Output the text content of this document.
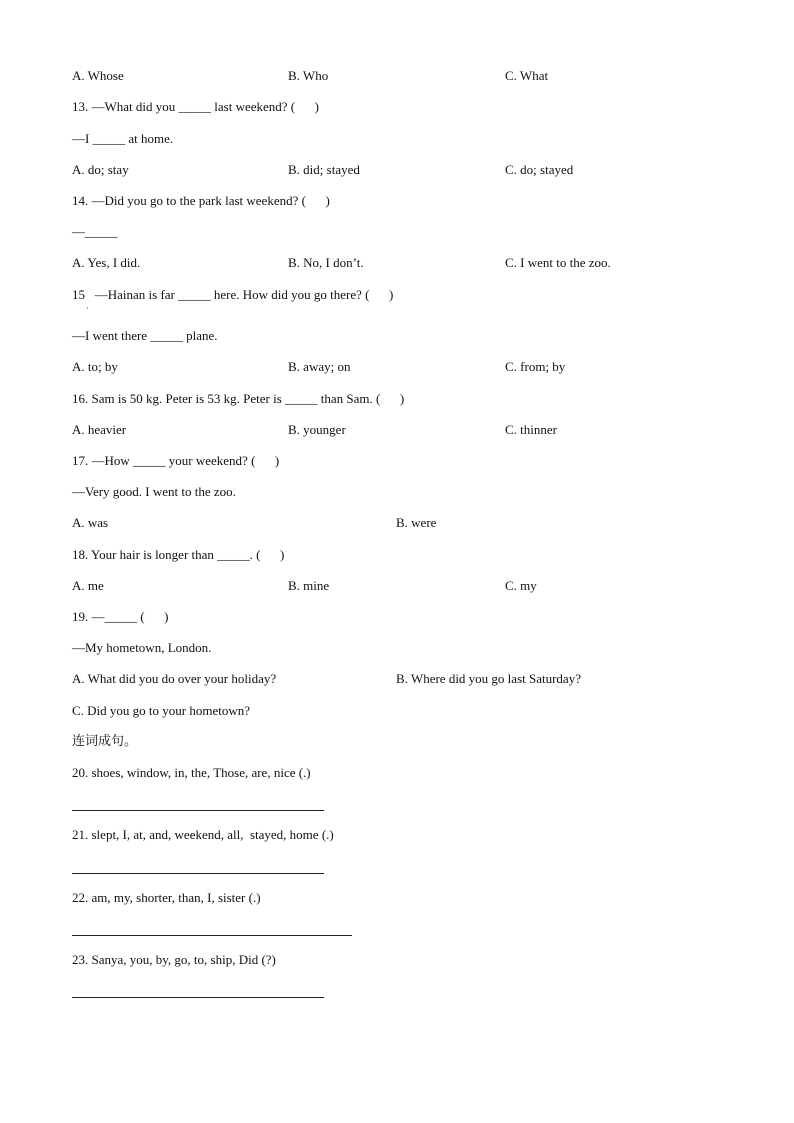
A. Whose	B. Who	C. What
13. —What did you _____ last weekend? (      )
—I _____ at home.
A. do; stay	B. did; stayed	C. do; stayed
14. —Did you go to the park last weekend? (      )
—_____
A. Yes, I did.	B. No, I don’t.	C. I went to the zoo.
15   —Hainan is far _____ here. How did you go there? (      )
·
—I went there _____ plane.
A. to; by	B. away; on	C. from; by
16. Sam is 50 kg. Peter is 53 kg. Peter is _____ than Sam. (      )
A. heavier	B. younger	C. thinner
17. —How _____ your weekend? (      )
—Very good. I went to the zoo.
A. was	B. were
18. Your hair is longer than _____. (      )
A. me	B. mine	C. my
19. —_____ (      )
—My hometown, London.
A. What did you do over your holiday?	B. Where did you go last Saturday?
C. Did you go to your hometown?
连词成句。
20. shoes, window, in, the, Those, are, nice (.)
21. slept, I, at, and, weekend, all,  stayed, home (.)
22. am, my, shorter, than, I, sister (.)
23. Sanya, you, by, go, to, ship, Did (?)
